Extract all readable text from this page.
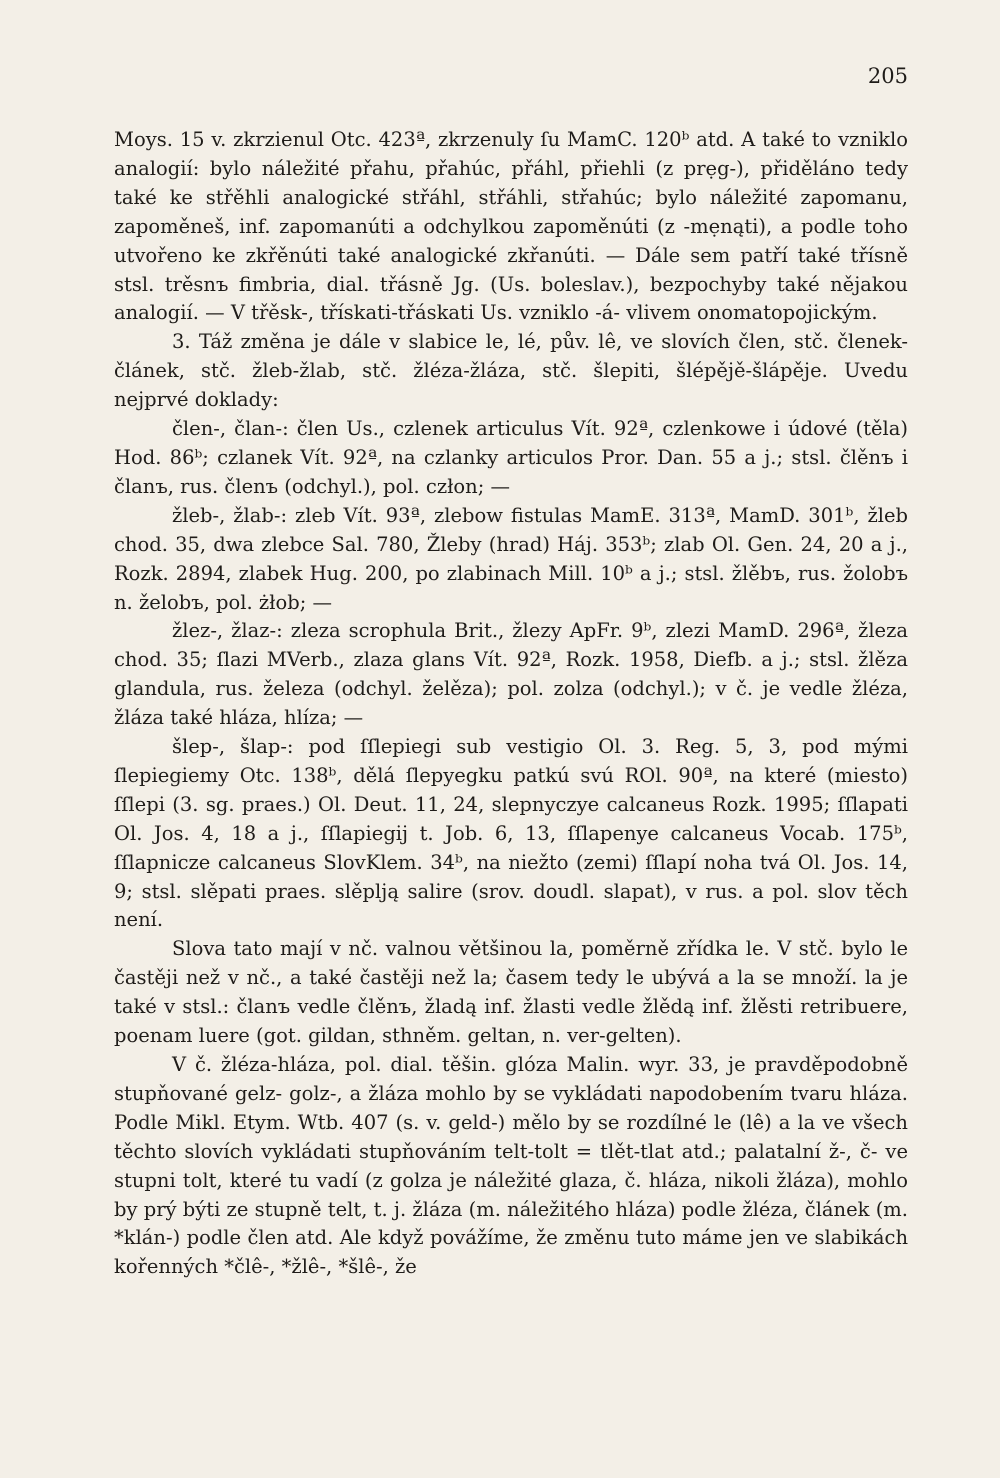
205

Moys. 15 v. zkrzienul Otc. 423ª, zkrzenuly ſu MamC. 120ᵇ atd. A také to vzniklo analogií: bylo náležité přahu, přahúc, přáhl, přiehli (z prẹg-), přiděláno tedy také ke střěhli analogické střáhl, střáhli, střahúc; bylo náležité zapomanu, zapoměneš, inf. zapomanúti a odchylkou zapoměnúti (z -mẹnąti), a podle toho utvořeno ke zkřěnúti také analogické zkřanúti. — Dále sem patří také třísně stsl. trěsnъ fimbria, dial. třásně Jg. (Us. boleslav.), bezpochyby také nějakou analogií. — V třěsk-, třískati-třáskati Us. vzniklo -á- vlivem onomatopojickým.

3. Táž změna je dále v slabice le, lé, pův. lê, ve slovích člen, stč. členek-článek, stč. žleb-žlab, stč. žléza-žláza, stč. šlepiti, šlépějě-šlápěje. Uvedu nejprvé doklady:

člen-, član-: člen Us., czlenek articulus Vít. 92ª, czlenkowe i údové (těla) Hod. 86ᵇ; czlanek Vít. 92ª, na czlanky articulos Pror. Dan. 55 a j.; stsl. člěnъ i članъ, rus. členъ (odchyl.), pol. człon; —

žleb-, žlab-: zleb Vít. 93ª, zlebow fistulas MamE. 313ª, MamD. 301ᵇ, žleb chod. 35, dwa zlebce Sal. 780, Žleby (hrad) Háj. 353ᵇ; zlab Ol. Gen. 24, 20 a j., Rozk. 2894, zlabek Hug. 200, po zlabinach Mill. 10ᵇ a j.; stsl. žlěbъ, rus. žolobъ n. želobъ, pol. żłob; —

žlez-, žlaz-: zleza scrophula Brit., žlezy ApFr. 9ᵇ, zlezi MamD. 296ª, žleza chod. 35; ſlazi MVerb., zlaza glans Vít. 92ª, Rozk. 1958, Diefb. a j.; stsl. žlěza glandula, rus. železa (odchyl. želěza); pol. zolza (odchyl.); v č. je vedle žléza, žláza také hláza, hlíza; —

šlep-, šlap-: pod ſſlepiegi sub vestigio Ol. 3. Reg. 5, 3, pod mými ſlepiegiemy Otc. 138ᵇ, dělá ſlepyegku patkú svú ROl. 90ª, na které (miesto) ſſlepi (3. sg. praes.) Ol. Deut. 11, 24, slepnyczye calcaneus Rozk. 1995; ſſlapati Ol. Jos. 4, 18 a j., ſſlapiegij t. Job. 6, 13, ſſlapenye calcaneus Vocab. 175ᵇ, ſſlapnicze calcaneus SlovKlem. 34ᵇ, na niežto (zemi) ſſlapí noha tvá Ol. Jos. 14, 9; stsl. slěpati praes. slěplją salire (srov. doudl. slapat), v rus. a pol. slov těch není.

Slova tato mají v nč. valnou většinou la, poměrně zřídka le. V stč. bylo le častěji než v nč., a také častěji než la; časem tedy le ubývá a la se množí. la je také v stsl.: članъ vedle člěnъ, žladą inf. žlasti vedle žlědą inf. žlěsti retribuere, poenam luere (got. gildan, sthněm. geltan, n. ver-gelten).

V č. žléza-hláza, pol. dial. těšin. glóza Malin. wyr. 33, je pravděpodobně stupňované gelz- golz-, a žláza mohlo by se vykládati napodobením tvaru hláza. Podle Mikl. Etym. Wtb. 407 (s. v. geld-) mělo by se rozdílné le (lê) a la ve všech těchto slovích vykládati stupňováním telt-tolt = tlět-tlat atd.; palatalní ž-, č- ve stupni tolt, které tu vadí (z golza je náležité glaza, č. hláza, nikoli žláza), mohlo by prý býti ze stupně telt, t. j. žláza (m. náležitého hláza) podle žléza, článek (m. *klán-) podle člen atd. Ale když povážíme, že změnu tuto máme jen ve slabikách kořenných *člê-, *žlê-, *šlê-, že
